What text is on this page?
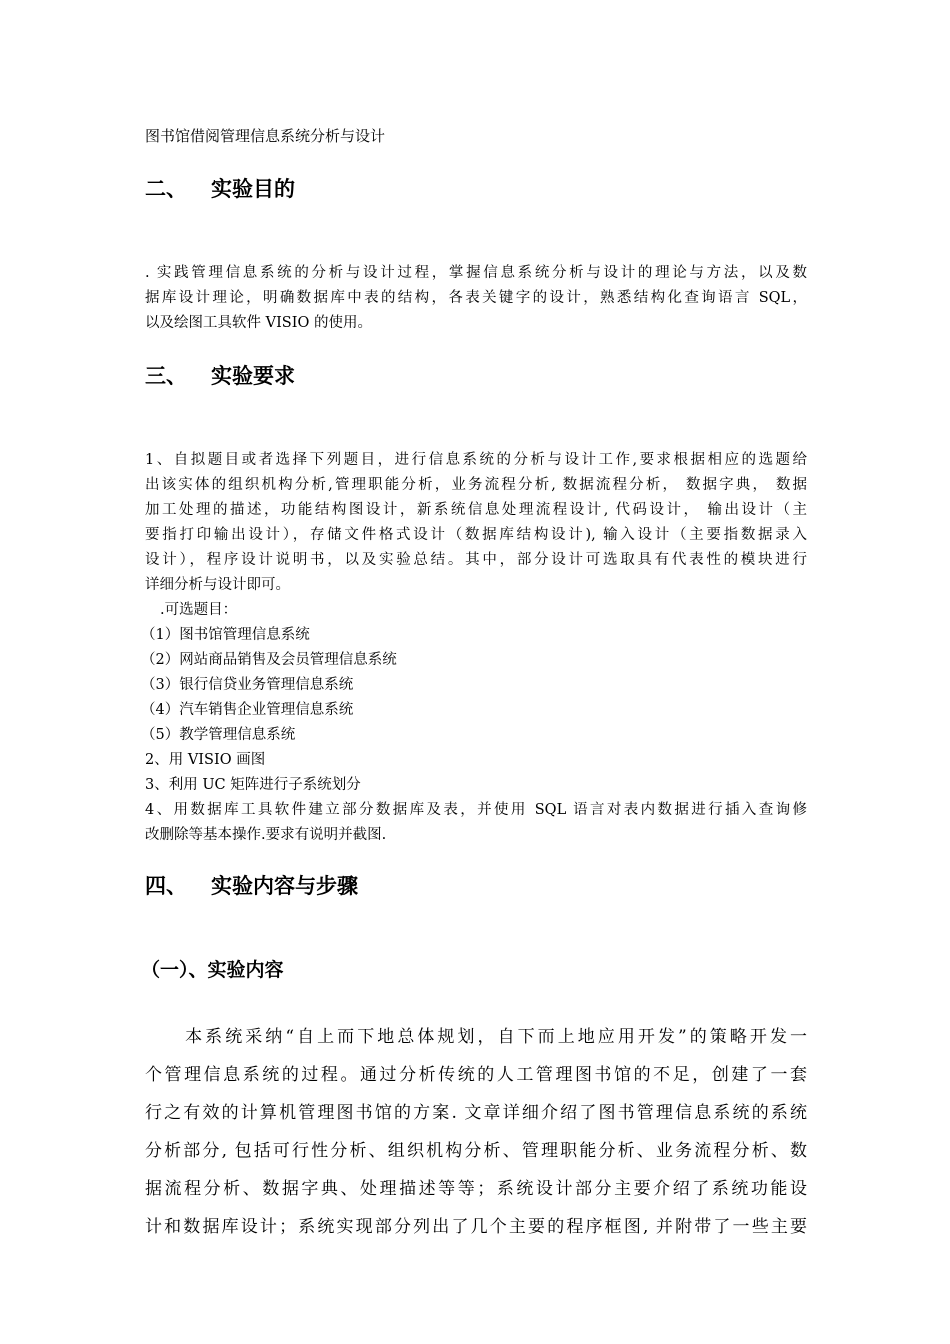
图书馆借阅管理信息系统分析与设计
二、 实验目的
. 实践管理信息系统的分析与设计过程，掌握信息系统分析与设计的理论与方法，以及数
据库设计理论，明确数据库中表的结构，各表关键字的设计，熟悉结构化查询语言 SQL，
以及绘图工具软件 VISIO 的使用。
三、 实验要求
1、自拟题目或者选择下列题目，进行信息系统的分析与设计工作,要求根据相应的选题给
出该实体的组织机构分析,管理职能分析，业务流程分析, 数据流程分析， 数据字典， 数据
加工处理的描述，功能结构图设计，新系统信息处理流程设计, 代码设计， 输出设计（主
要指打印输出设计），存储文件格式设计（数据库结构设计), 输入设计（主要指数据录入
设计），程序设计说明书，以及实验总结。其中，部分设计可选取具有代表性的模块进行
详细分析与设计即可。
.可选题目：
（1）图书馆管理信息系统
（2）网站商品销售及会员管理信息系统
（3）银行信贷业务管理信息系统
（4）汽车销售企业管理信息系统
（5）教学管理信息系统
2、用 VISIO 画图
3、利用 UC 矩阵进行子系统划分
4、用数据库工具软件建立部分数据库及表，并使用 SQL 语言对表内数据进行插入查询修
改删除等基本操作.要求有说明并截图.
四、 实验内容与步骤
（一）、实验内容
　　本系统采纳“自上而下地总体规划，自下而上地应用开发”的策略开发一
个管理信息系统的过程。通过分析传统的人工管理图书馆的不足，创建了一套
行之有效的计算机管理图书馆的方案. 文章详细介绍了图书管理信息系统的系统
分析部分, 包括可行性分析、组织机构分析、管理职能分析、业务流程分析、数
据流程分析、数据字典、处理描述等等；系统设计部分主要介绍了系统功能设
计和数据库设计；系统实现部分列出了几个主要的程序框图, 并附带了一些主要
